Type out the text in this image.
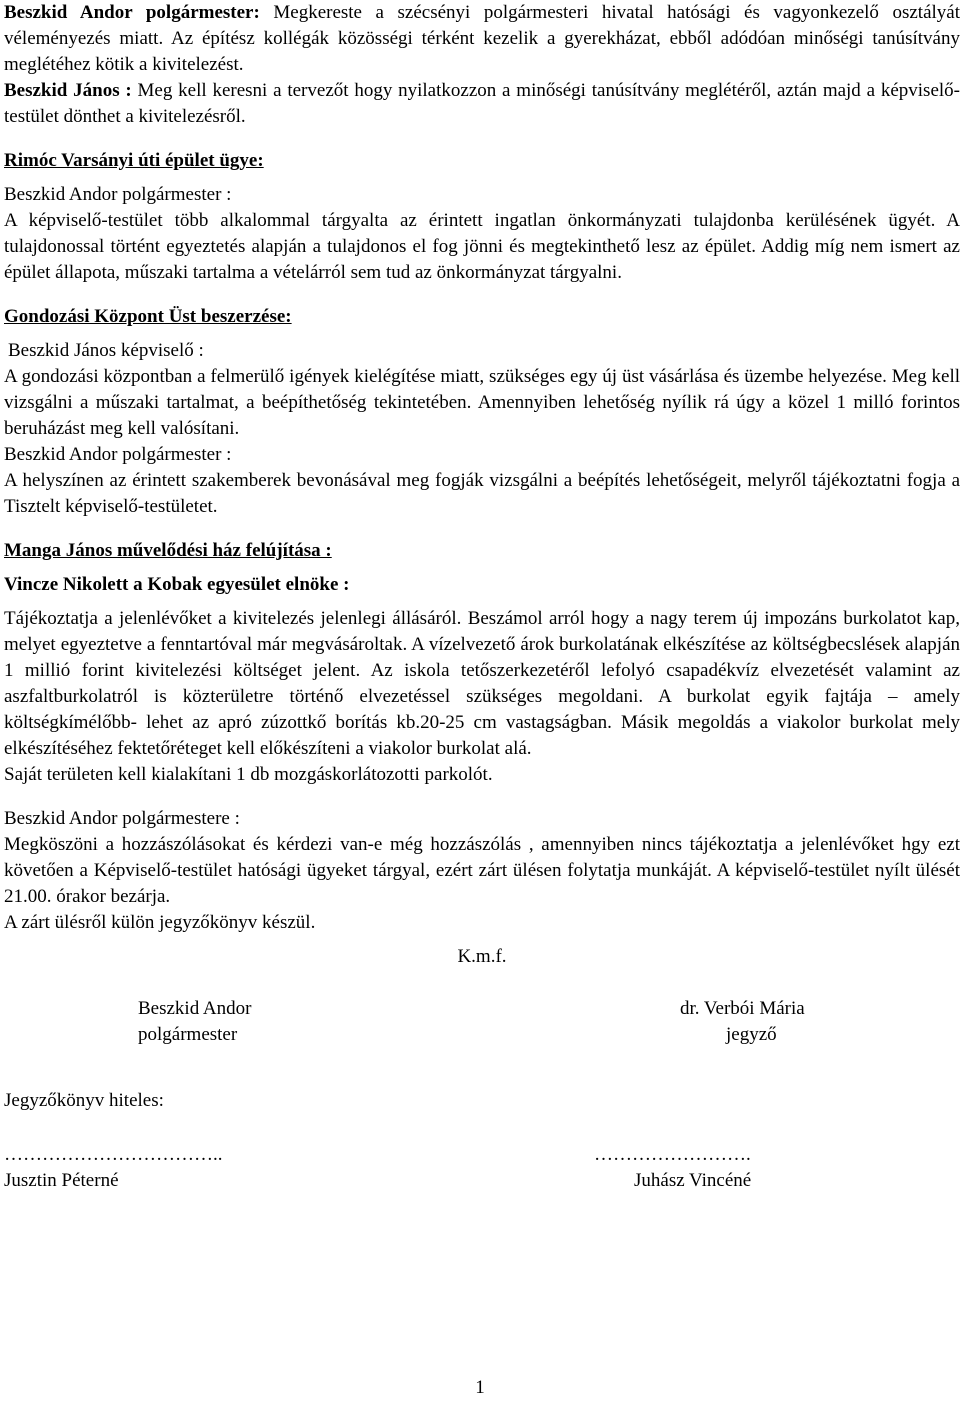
Beszkid Andor polgármester: Megkereste a szécsényi polgármesteri hivatal hatósági és vagyonkezelő osztályát véleményezés miatt. Az építész kollégák közösségi térként kezelik a gyerekházat, ebből adódóan minőségi tanúsítvány meglétéhez kötik a kivitelezést.

Beszkid János : Meg kell keresni a tervezőt hogy nyilatkozzon a minőségi tanúsítvány meglétéről, aztán majd a képviselő-testület dönthet a kivitelezésről.

Rimóc Varsányi úti épület ügye:

Beszkid Andor polgármester :

A képviselő-testület több alkalommal tárgyalta az érintett ingatlan önkormányzati tulajdonba kerülésének ügyét. A tulajdonossal történt egyeztetés alapján a tulajdonos el fog jönni és megtekinthető lesz az épület. Addig míg nem ismert az épület állapota, műszaki tartalma a vételárról sem tud az önkormányzat tárgyalni.

Gondozási Központ Üst beszerzése:

Beszkid János képviselő :

A gondozási központban a felmerülő igények kielégítése miatt, szükséges egy új üst vásárlása és üzembe helyezése. Meg kell vizsgálni a műszaki tartalmat, a beépíthetőség tekintetében. Amennyiben lehetőség nyílik rá úgy a közel 1 milló forintos beruházást meg kell valósítani.

Beszkid Andor polgármester :

A helyszínen az érintett szakemberek bevonásával meg fogják vizsgálni a beépítés lehetőségeit, melyről tájékoztatni fogja a Tisztelt képviselő-testületet.

Manga János művelődési ház felújítása :

Vincze Nikolett a Kobak egyesület elnöke :

Tájékoztatja a jelenlévőket a kivitelezés jelenlegi állásáról. Beszámol arról hogy a nagy terem új impozáns burkolatot kap, melyet egyeztetve a fenntartóval már megvásároltak. A vízelvezető árok burkolatának elkészítése az költségbecslések alapján 1 millió forint kivitelezési költséget jelent. Az iskola tetőszerkezetéről lefolyó csapadékvíz elvezetését valamint az aszfaltburkolatról is közterületre történő elvezetéssel szükséges megoldani. A burkolat egyik fajtája – amely költségkímélőbb- lehet az apró zúzottkő borítás kb.20-25 cm vastagságban. Másik megoldás a viakolor burkolat mely elkészítéséhez fektetőréteget kell előkészíteni a viakolor burkolat alá.

Saját területen kell kialakítani 1 db mozgáskorlátozotti parkolót.

Beszkid Andor polgármestere :

Megköszöni a hozzászólásokat és kérdezi van-e még hozzászólás , amennyiben nincs tájékoztatja a jelenlévőket hgy ezt követően a Képviselő-testület hatósági ügyeket tárgyal, ezért zárt ülésen folytatja munkáját. A képviselő-testület nyílt ülését 21.00. órakor bezárja.

A zárt ülésről külön jegyzőkönyv készül.

K.m.f.

Beszkid Andor
polgármester
dr. Verbói Mária
jegyző

Jegyzőkönyv hiteles:

……………………………..
Jusztin Péterné
…………………….
Juhász Vincéné
1
